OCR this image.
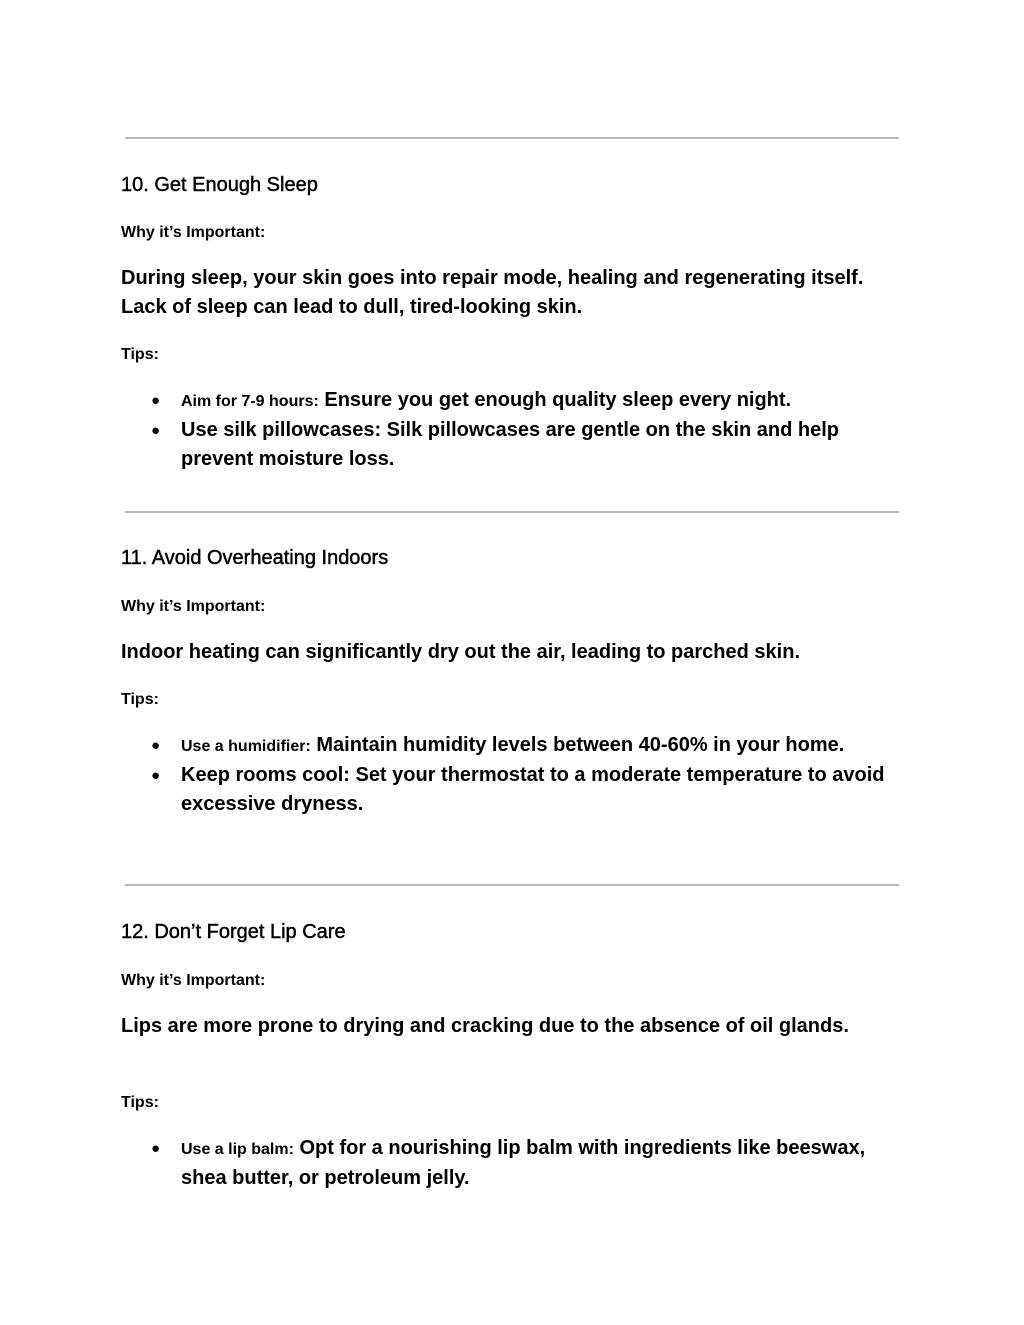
10. Get Enough Sleep
Why it’s Important:
During sleep, your skin goes into repair mode, healing and regenerating itself. Lack of sleep can lead to dull, tired-looking skin.
Tips:
● Aim for 7-9 hours: Ensure you get enough quality sleep every night.
● Use silk pillowcases: Silk pillowcases are gentle on the skin and help prevent moisture loss.
11. Avoid Overheating Indoors
Why it’s Important:
Indoor heating can significantly dry out the air, leading to parched skin.
Tips:
● Use a humidifier: Maintain humidity levels between 40-60% in your home.
● Keep rooms cool: Set your thermostat to a moderate temperature to avoid excessive dryness.
12. Don’t Forget Lip Care
Why it’s Important:
Lips are more prone to drying and cracking due to the absence of oil glands.
Tips:
● Use a lip balm: Opt for a nourishing lip balm with ingredients like beeswax, shea butter, or petroleum jelly.
